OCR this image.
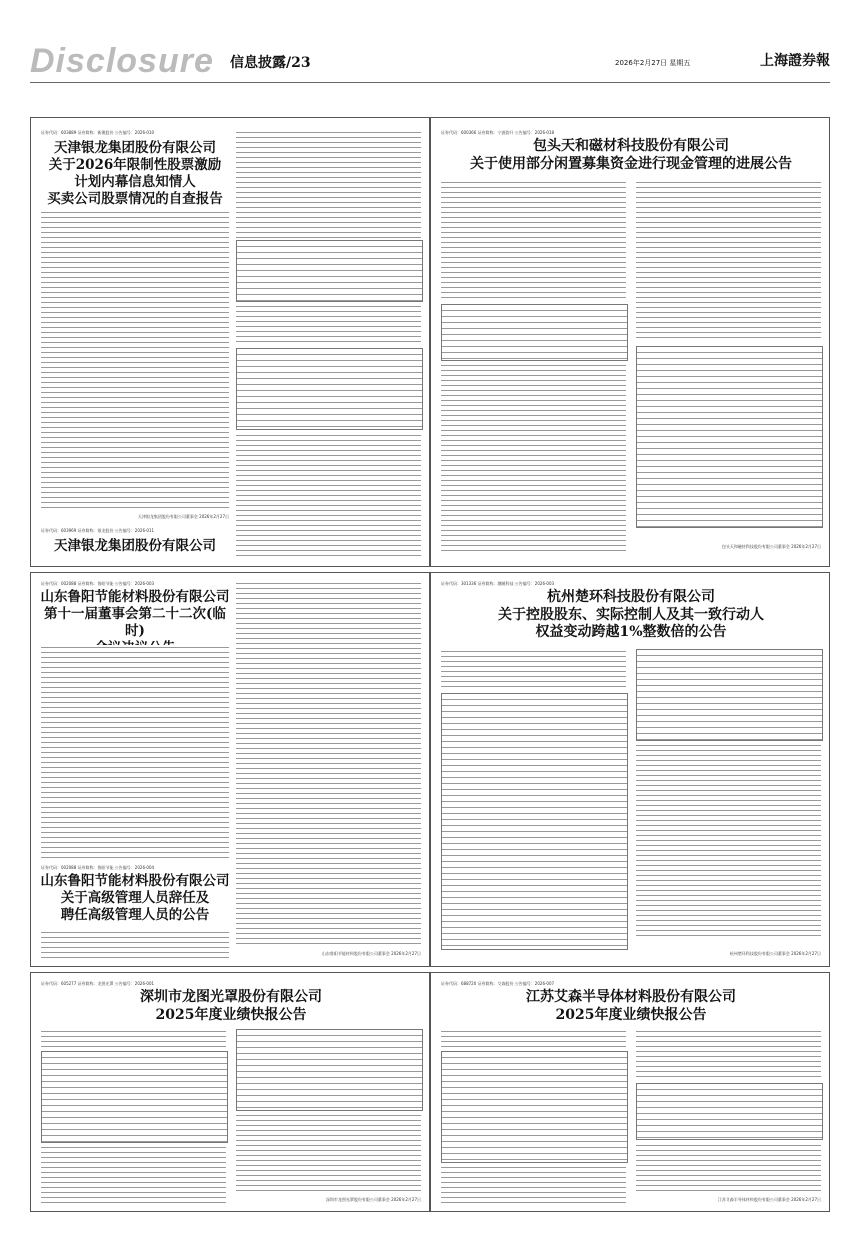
Disclosure 信息披露/23	2026年2月27日 星期五	上海證券報
证券代码：603889 证券简称：新澳股份 公告编号：2026-010

天津银龙集团股份有限公司

关于2026年限制性股票激励

计划内幕信息知情人

买卖公司股票情况的自查报告

天津银龙集团股份有限公司董事会 2026年2月27日
证券代码：603969 证券简称：银龙股份 公告编号：2026-011

天津银龙集团股份有限公司

证券代码：600366 证券简称：宁波韵升 公告编号：2026-018

包头天和磁材科技股份有限公司

关于使用部分闲置募集资金进行现金管理的进展公告

包头天和磁材科技股份有限公司董事会 2026年2月27日
证券代码：002088 证券简称：鲁阳节能 公告编号：2026-003

山东鲁阳节能材料股份有限公司

第十一届董事会第二十二次(临时)

证券代码：002088 证券简称：鲁阳节能 公告编号：2026-004

山东鲁阳节能材料股份有限公司

关于高级管理人员辞任及

聘任高级管理人员的公告

山东鲁阳节能材料股份有限公司董事会 2026年2月27日
证券代码：301336 证券简称：趣睡科技 公告编号：2026-003

杭州楚环科技股份有限公司

关于控股股东、实际控制人及其一致行动人

权益变动跨越1%整数倍的公告

杭州楚环科技股份有限公司董事会 2026年2月27日
证券代码：605277 证券简称：龙图光罩 公告编号：2026-001

深圳市龙图光罩股份有限公司

2025年度业绩快报公告

深圳市龙图光罩股份有限公司董事会 2026年2月27日
证券代码：688720 证券简称：艾森股份 公告编号：2026-007

江苏艾森半导体材料股份有限公司

2025年度业绩快报公告

江苏艾森半导体材料股份有限公司董事会 2026年2月27日
